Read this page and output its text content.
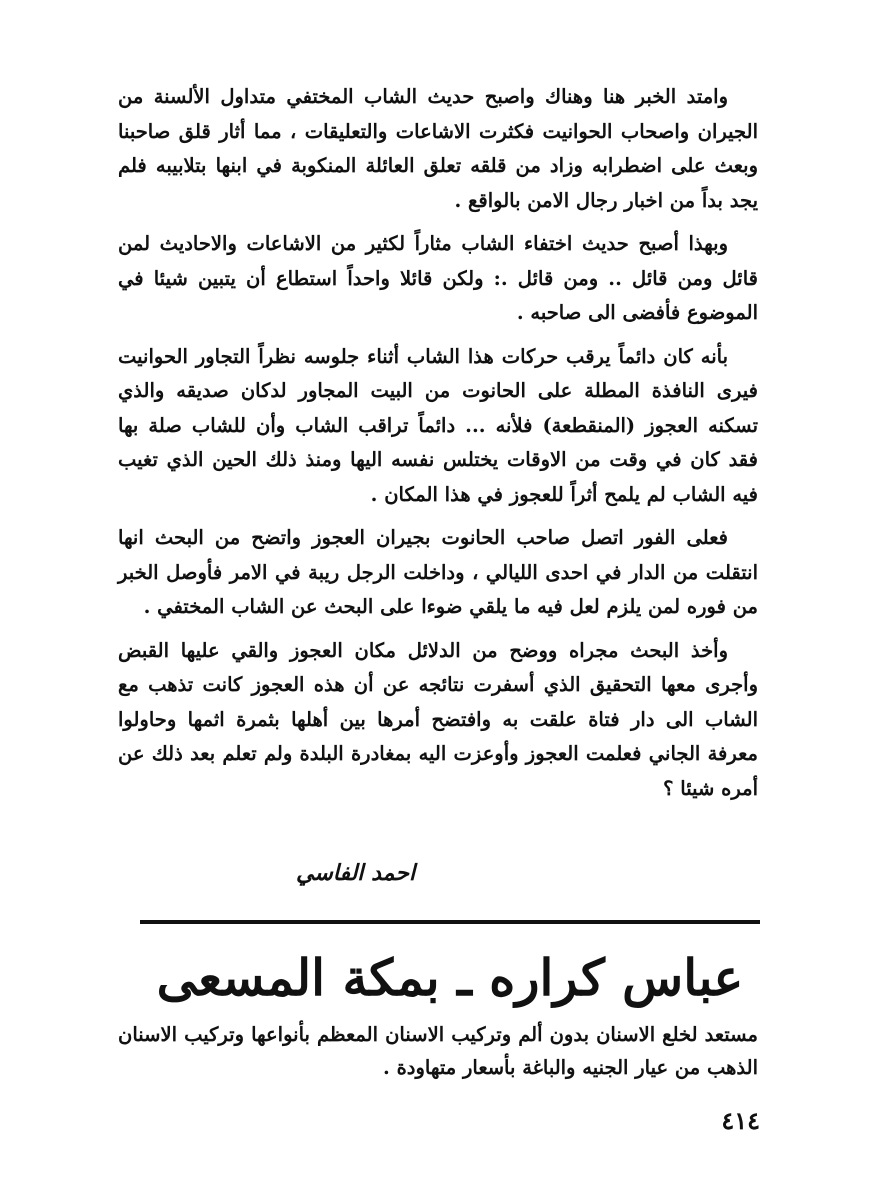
وامتد الخبر هنا وهناك واصبح حديث الشاب المختفي متداول الألسنة من الجيران واصحاب الحوانيت فكثرت الاشاعات والتعليقات ، مما أثار قلق صاحبنا وبعث على اضطرابه وزاد من قلقه تعلق العائلة المنكوبة في ابنها بتلابيبه فلم يجد بداً من اخبار رجال الامن بالواقع .

وبهذا أصبح حديث اختفاء الشاب مثاراً لكثير من الاشاعات والاحاديث لمن قائل ومن قائل .. ومن قائل .: ولكن قائلا واحداً استطاع أن يتبين شيئا في الموضوع فأفضى الى صاحبه .

بأنه كان دائماً يرقب حركات هذا الشاب أثناء جلوسه نظراً التجاور الحوانيت فيرى النافذة المطلة على الحانوت من البيت المجاور لدكان صديقه والذي تسكنه العجوز (المنقطعة) فلأنه ... دائماً تراقب الشاب وأن للشاب صلة بها فقد كان في وقت من الاوقات يختلس نفسه اليها ومنذ ذلك الحين الذي تغيب فيه الشاب لم يلمح أثراً للعجوز في هذا المكان .

فعلى الفور اتصل صاحب الحانوت بجيران العجوز واتضح من البحث انها انتقلت من الدار في احدى الليالي ، وداخلت الرجل ريبة في الامر فأوصل الخبر من فوره لمن يلزم لعل فيه ما يلقي ضوءا على البحث عن الشاب المختفي .

وأخذ البحث مجراه ووضح من الدلائل مكان العجوز والقي عليها القبض وأجرى معها التحقيق الذي أسفرت نتائجه عن أن هذه العجوز كانت تذهب مع الشاب الى دار فتاة علقت به وافتضح أمرها بين أهلها بثمرة اثمها وحاولوا معرفة الجاني فعلمت العجوز وأوعزت اليه بمغادرة البلدة ولم تعلم بعد ذلك عن أمره شيئا ؟

احمد الفاسي
عباس كراره ـ بمكة المسعى
مستعد لخلع الاسنان بدون ألم وتركيب الاسنان المعظم بأنواعها وتركيب الاسنان الذهب من عيار الجنيه والباغة بأسعار متهاودة .
٤١٤
